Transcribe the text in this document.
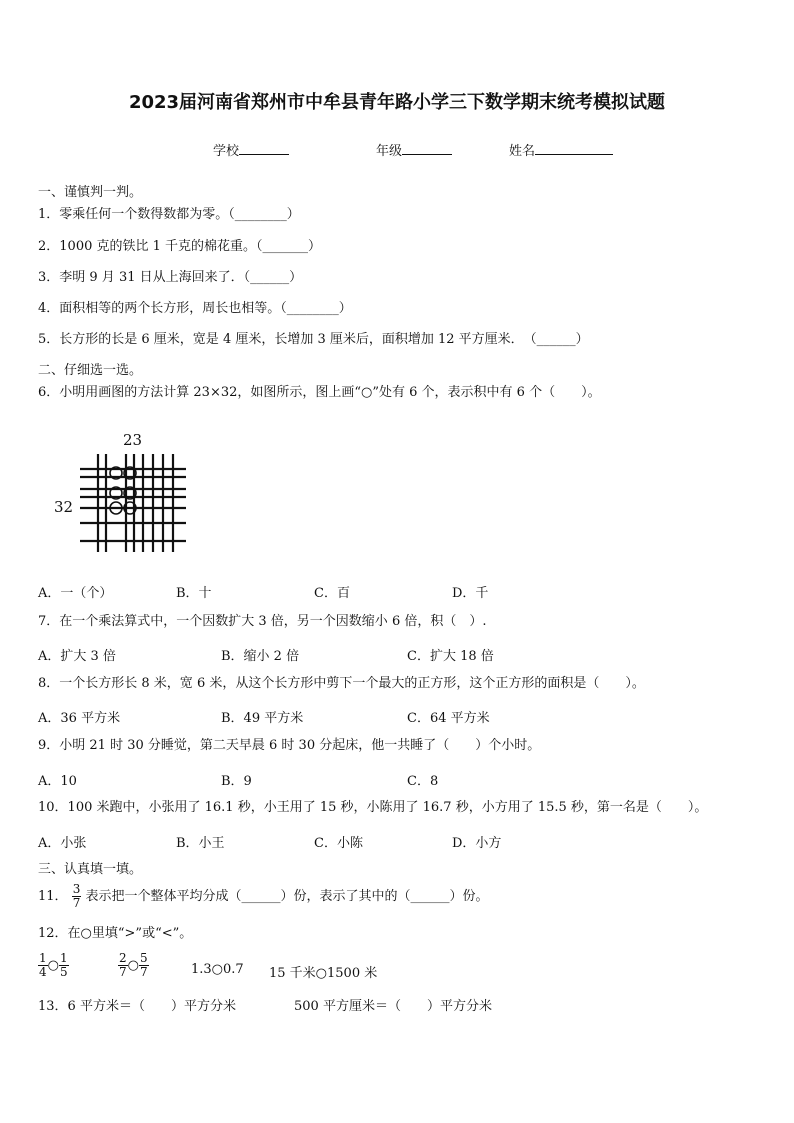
2023届河南省郑州市中牟县青年路小学三下数学期末统考模拟试题
学校	年级	姓名
一、谨慎判一判。
1．零乘任何一个数得数都为零。（________）
2．1000 克的铁比 1 千克的棉花重。（_______）
3．李明 9 月 31 日从上海回来了．（______）
4．面积相等的两个长方形，周长也相等。（________）
5．长方形的长是 6 厘米，宽是 4 厘米，长增加 3 厘米后，面积增加 12 平方厘米．　（______）
二、仔细选一选。
6．小明用画图的方法计算 23×32，如图所示，图上画“○”处有 6 个，表示积中有 6 个（　　）。
23
32
A．一（个）	B．十	C．百	D．千
7．在一个乘法算式中，一个因数扩大 3 倍，另一个因数缩小 6 倍，积（　）.
A．扩大 3 倍	B．缩小 2 倍	C．扩大 18 倍
8．一个长方形长 8 米，宽 6 米，从这个长方形中剪下一个最大的正方形，这个正方形的面积是（　　）。
A．36 平方米	B．49 平方米	C．64 平方米
9．小明 21 时 30 分睡觉，第二天早晨 6 时 30 分起床，他一共睡了（　　）个小时。
A．10	B．9	C．8
10．100 米跑中，小张用了 16.1 秒，小王用了 15 秒，小陈用了 16.7 秒，小方用了 15.5 秒，第一名是（　　）。
A．小张	B．小王	C．小陈	D．小方
三、认真填一填。
11． $\frac{3}{7}$ 表示把一个整体平均分成（______）份，表示了其中的（______）份。
12．在○里填“>”或“<”。
$\frac{1}{4}$ ○ $\frac{1}{5}$	$\frac{2}{7}$ ○ $\frac{5}{7}$	1.3○0.7 15 千米○1500 米
13．6 平方米＝（　　）平方分米	500 平方厘米＝（　　）平方分米
